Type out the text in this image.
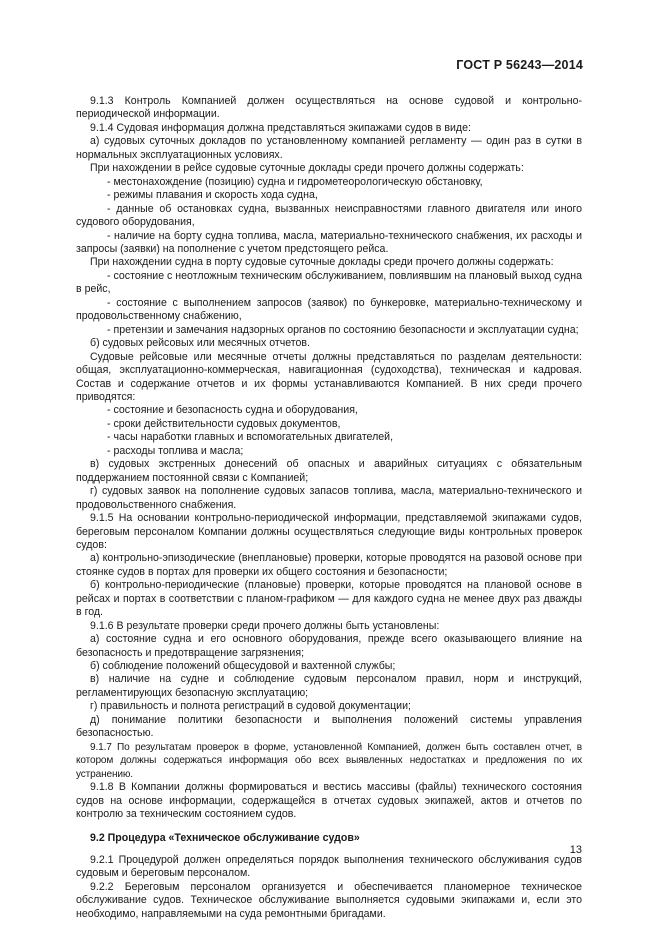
ГОСТ Р 56243—2014

9.1.3 Контроль Компанией должен осуществляться на основе судовой и контрольно-периодической информации.

9.1.4 Судовая информация должна представляться экипажами судов в виде:

а) судовых суточных докладов по установленному компанией регламенту — один раз в сутки в нормальных эксплуатационных условиях.

При нахождении в рейсе судовые суточные доклады среди прочего должны содержать:

- местонахождение (позицию) судна и гидрометеорологическую обстановку,

- режимы плавания и скорость хода судна,

- данные об остановках судна, вызванных неисправностями главного двигателя или иного судового оборудования,

- наличие на борту судна топлива, масла, материально-технического снабжения, их расходы и запросы (заявки) на пополнение с учетом предстоящего рейса.

При нахождении судна в порту судовые суточные доклады среди прочего должны содержать:

- состояние с неотложным техническим обслуживанием, повлиявшим на плановый выход судна в рейс,

- состояние с выполнением запросов (заявок) по бункеровке, материально-техническому и продовольственному снабжению,

- претензии и замечания надзорных органов по состоянию безопасности и эксплуатации судна;

б) судовых рейсовых или месячных отчетов.

Судовые рейсовые или месячные отчеты должны представляться по разделам деятельности: общая, эксплуатационно-коммерческая, навигационная (судоходства), техническая и кадровая. Состав и содержание отчетов и их формы устанавливаются Компанией. В них среди прочего приводятся:

- состояние и безопасность судна и оборудования,

- сроки действительности судовых документов,

- часы наработки главных и вспомогательных двигателей,

- расходы топлива и масла;

в) судовых экстренных донесений об опасных и аварийных ситуациях с обязательным поддержанием постоянной связи с Компанией;

г) судовых заявок на пополнение судовых запасов топлива, масла, материально-технического и продовольственного снабжения.

9.1.5 На основании контрольно-периодической информации, представляемой экипажами судов, береговым персоналом Компании должны осуществляться следующие виды контрольных проверок судов:

а) контрольно-эпизодические (внеплановые) проверки, которые проводятся на разовой основе при стоянке судов в портах для проверки их общего состояния и безопасности;

б) контрольно-периодические (плановые) проверки, которые проводятся на плановой основе в рейсах и портах в соответствии с планом-графиком — для каждого судна не менее двух раз дважды в год.

9.1.6 В результате проверки среди прочего должны быть установлены:

а) состояние судна и его основного оборудования, прежде всего оказывающего влияние на безопасность и предотвращение загрязнения;

б) соблюдение положений общесудовой и вахтенной службы;

в) наличие на судне и соблюдение судовым персоналом правил, норм и инструкций, регламентирующих безопасную эксплуатацию;

г) правильность и полнота регистраций в судовой документации;

д) понимание политики безопасности и выполнения положений системы управления безопасностью.

9.1.7 По результатам проверок в форме, установленной Компанией, должен быть составлен отчет, в котором должны содержаться информация обо всех выявленных недостатках и предложения по их устранению.

9.1.8 В Компании должны формироваться и вестись массивы (файлы) технического состояния судов на основе информации, содержащейся в отчетах судовых экипажей, актов и отчетов по контролю за техническим состоянием судов.

9.2 Процедура «Техническое обслуживание судов»

9.2.1 Процедурой должен определяться порядок выполнения технического обслуживания судов судовым и береговым персоналом.

9.2.2 Береговым персоналом организуется и обеспечивается планомерное техническое обслуживание судов. Техническое обслуживание выполняется судовыми экипажами и, если это необходимо, направляемыми на суда ремонтными бригадами.

13
